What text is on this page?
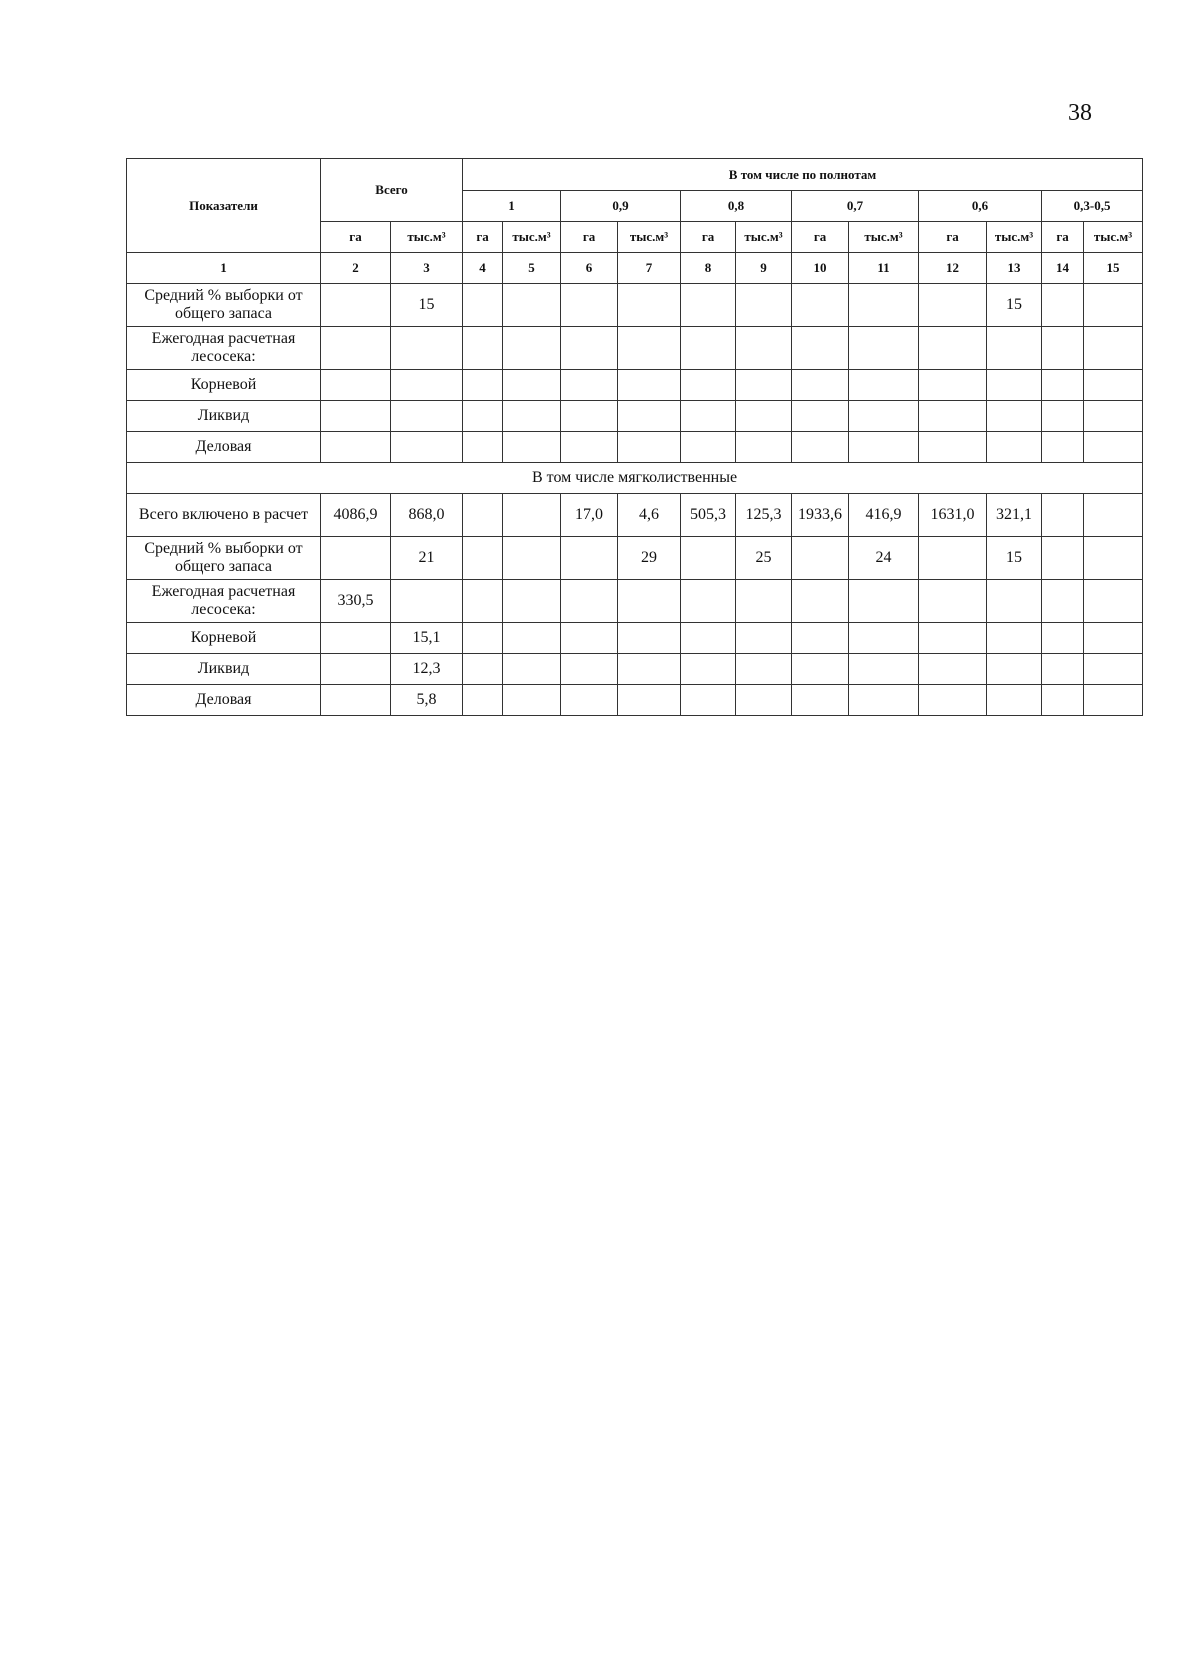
38
Показатели	Всего		В том числе по полнотам											
			1		0,9		0,8		0,7		0,6		0,3-0,5	
	га	тыс.м³	га	тыс.м³	га	тыс.м³	га	тыс.м³	га	тыс.м³	га	тыс.м³	га	тыс.м³
1	2	3	4	5	6	7	8	9	10	11	12	13	14	15
Средний % выборки от общего запаса		15										15		
Ежегодная расчетная лесосека:														
Корневой														
Ликвид														
Деловая														
В том числе мягколиственные														
Всего включено в расчет	4086,9	868,0			17,0	4,6	505,3	125,3	1933,6	416,9	1631,0	321,1		
Средний % выборки от общего запаса		21				29		25		24		15		
Ежегодная расчетная лесосека:	330,5													
Корневой		15,1												
Ликвид		12,3												
Деловая		5,8												
